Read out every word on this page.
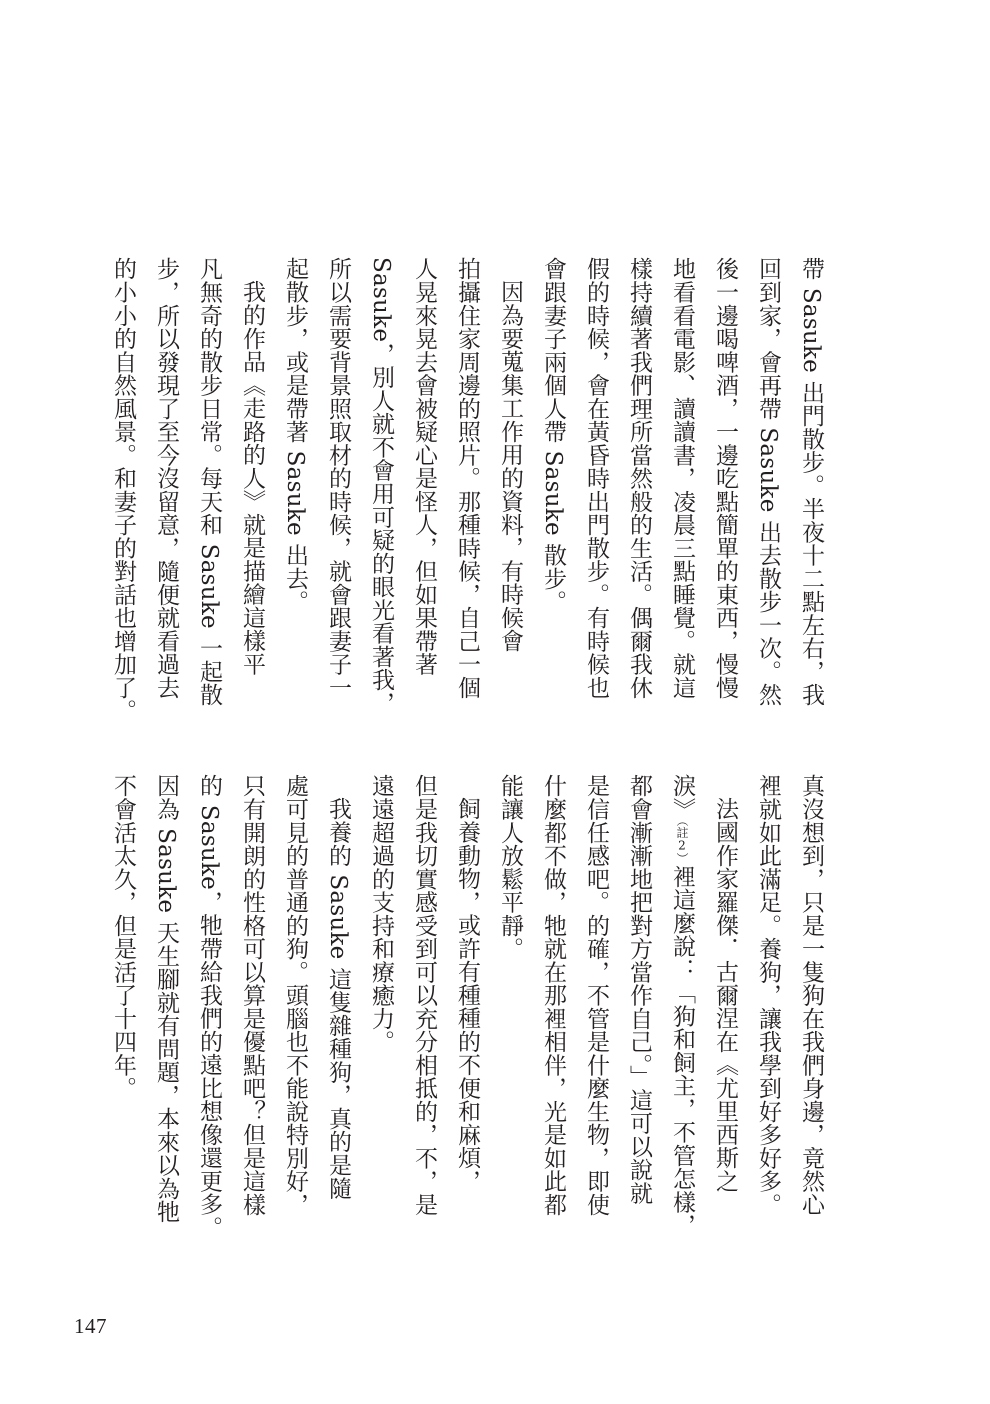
帶 Sasuke 出門散步。半夜十二點左右，我
回到家，會再帶 Sasuke 出去散步一次。然
後一邊喝啤酒，一邊吃點簡單的東西，慢慢
地看看電影、讀讀書，凌晨三點睡覺。就這
樣持續著我們理所當然般的生活。偶爾我休
假的時候，會在黃昏時出門散步。有時候也
會跟妻子兩個人帶 Sasuke 散步。
因為要蒐集工作用的資料，有時候會
拍攝住家周邊的照片。那種時候，自己一個
人晃來晃去會被疑心是怪人，但如果帶著
Sasuke，別人就不會用可疑的眼光看著我，
所以需要背景照取材的時候，就會跟妻子一
起散步，或是帶著 Sasuke 出去。
我的作品《走路的人》就是描繪這樣平
凡無奇的散步日常。每天和 Sasuke 一起散
步，所以發現了至今沒留意，隨便就看過去
的小小的自然風景。和妻子的對話也增加了。
真沒想到，只是一隻狗在我們身邊，竟然心
裡就如此滿足。養狗，讓我學到好多好多。
法國作家羅傑．古爾涅在《尤里西斯之
淚》（註2）裡這麼說：「狗和飼主，不管怎樣，
都會漸漸地把對方當作自己。」這可以說就
是信任感吧。的確，不管是什麼生物，即使
什麼都不做，牠就在那裡相伴，光是如此都
能讓人放鬆平靜。
飼養動物，或許有種種的不便和麻煩，
但是我切實感受到可以充分相抵的，不，是
遠遠超過的支持和療癒力。
我養的 Sasuke 這隻雜種狗，真的是隨
處可見的普通的狗。頭腦也不能說特別好，
只有開朗的性格可以算是優點吧？但是這樣
的 Sasuke，牠帶給我們的遠比想像還更多。
因為 Sasuke 天生腳就有問題，本來以為牠
不會活太久，但是活了十四年。
147
